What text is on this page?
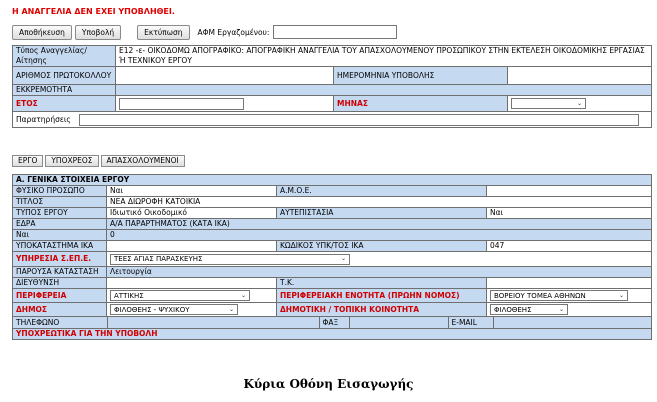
Η ΑΝΑΓΓΕΛΙΑ ΔΕΝ ΕΧΕΙ ΥΠΟΒΛΗΘΕΙ.
Αποθήκευση	Υποβολή	Εκτύπωση	ΑΦΜ Εργαζομένου:
Τύπος Αναγγελίας/Αίτησης	Ε12 -ε- ΟΙΚΟΔΟΜΩ ΑΠΟΓΡΑΦΙΚΟ: ΑΠΟΓΡΑΦΙΚΗ ΑΝΑΓΓΕΛΙΑ ΤΟΥ ΑΠΑΣΧΟΛΟΥΜΕΝΟΥ ΠΡΟΣΩΠΙΚΟΥ ΣΤΗΝ ΕΚΤΕΛΕΣΗ ΟΙΚΟΔΟΜΙΚΗΣ ΕΡΓΑΣΙΑΣ Ή ΤΕΧΝΙΚΟΥ ΕΡΓΟΥ		
ΑΡΙΘΜΟΣ ΠΡΩΤΟΚΟΛΛΟΥ		ΗΜΕΡΟΜΗΝΙΑ ΥΠΟΒΟΛΗΣ	
ΕΚΚΡΕΜΟΤΗΤΑ			
ΕΤΟΣ		ΜΗΝΑΣ	⌄

Παρατηρήσεις			
ΕΡΓΟ	ΥΠΟΧΡΕΟΣ	ΑΠΑΣΧΟΛΟΥΜΕΝΟΙ
Α. ΓΕΝΙΚΑ ΣΤΟΙΧΕΙΑ ΕΡΓΟΥ
ΦΥΣΙΚΟ ΠΡΟΣΩΠΟ	Ναι	Α.Μ.Ο.Ε.	
ΤΙΤΛΟΣ	ΝΕΑ ΔΙΩΡΟΦΗ ΚΑΤΟΙΚΙΑ
ΤΥΠΟΣ ΕΡΓΟΥ	Ιδιωτικό Οικοδομικό	ΑΥΤΕΠΙΣΤΑΣΙΑ	Ναι
ΕΔΡΑ	Α/Α ΠΑΡΑΡΤΗΜΑΤΟΣ (ΚΑΤΑ ΙΚΑ)
Ναι	0
ΥΠΟΚΑΤΑΣΤΗΜΑ ΙΚΑ		ΚΩΔΙΚΟΣ ΥΠΚ/ΤΟΣ ΙΚΑ	047
ΥΠΗΡΕΣΙΑ Σ.ΕΠ.Ε.	ΤΕΕΣ ΑΓΙΑΣ ΠΑΡΑΣΚΕΥΗΣ	⌄

ΠΑΡΟΥΣΑ ΚΑΤΑΣΤΑΣΗ	Λειτουργία
ΔΙΕΥΘΥΝΣΗ		Τ.Κ.	
ΠΕΡΙΦΕΡΕΙΑ	ΑΤΤΙΚΗΣ	⌄	ΠΕΡΙΦΕΡΕΙΑΚΗ ΕΝΟΤΗΤΑ (ΠΡΩΗΝ ΝΟΜΟΣ)	ΒΟΡΕΙΟΥ ΤΟΜΕΑ ΑΘΗΝΩΝ	⌄

ΔΗΜΟΣ	ΦΙΛΟΘΕΗΣ - ΨΥΧΙΚΟΥ	⌄	ΔΗΜΟΤΙΚΗ / ΤΟΠΙΚΗ ΚΟΙΝΟΤΗΤΑ	ΦΙΛΟΘΕΗΣ	⌄

ΤΗΛΕΦΩΝΟ		ΦΑΞ		E-MAIL	

ΥΠΟΧΡΕΩΤΙΚΑ ΓΙΑ ΤΗΝ ΥΠΟΒΟΛΗ
Κύρια Οθόνη Εισαγωγής
